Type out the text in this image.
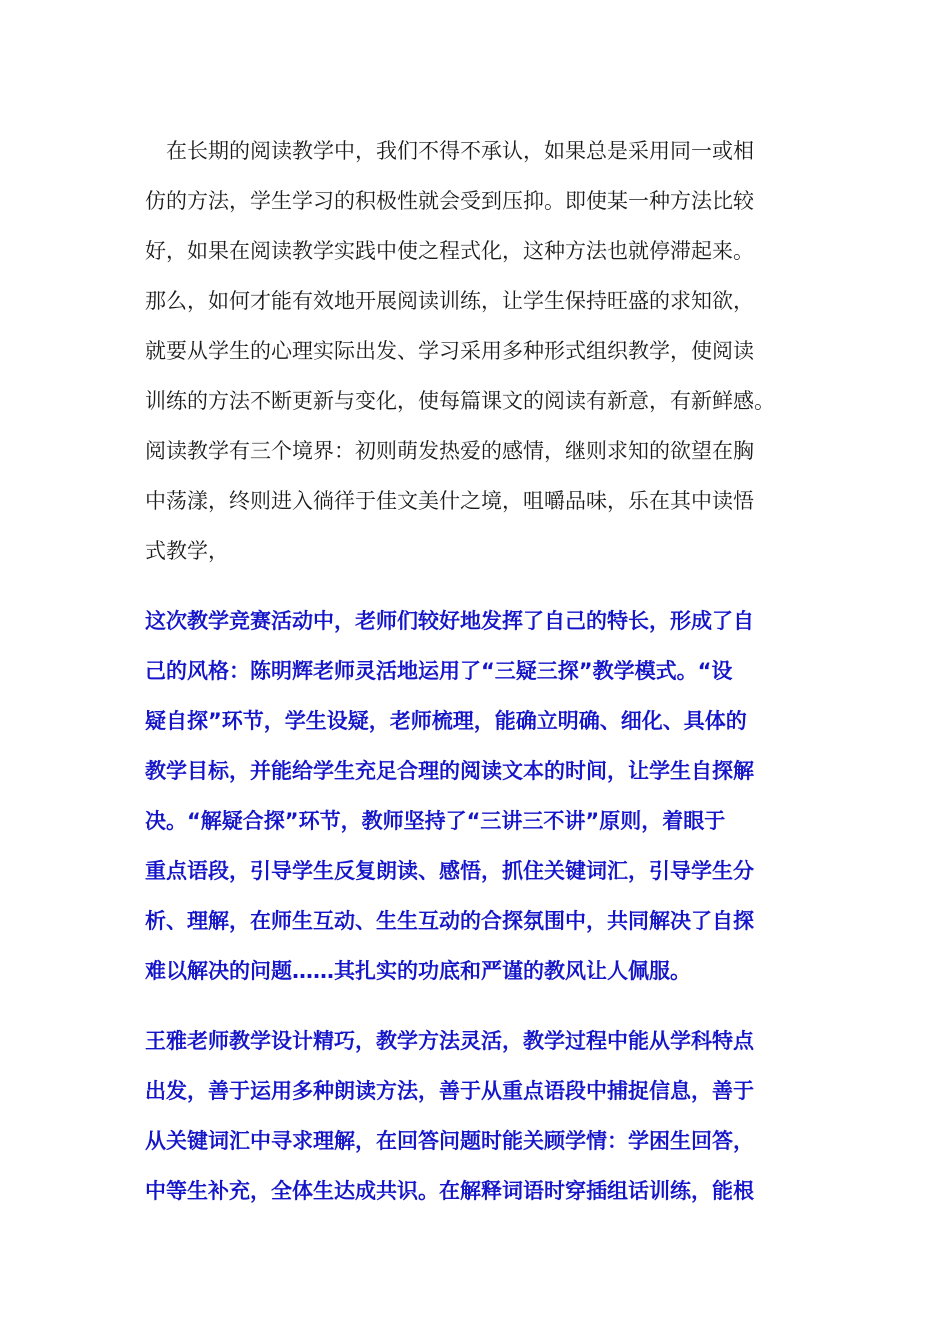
　在长期的阅读教学中，我们不得不承认，如果总是采用同一或相
仿的方法，学生学习的积极性就会受到压抑。即使某一种方法比较
好，如果在阅读教学实践中使之程式化，这种方法也就停滞起来。
那么，如何才能有效地开展阅读训练，让学生保持旺盛的求知欲，
就要从学生的心理实际出发、学习采用多种形式组织教学，使阅读
训练的方法不断更新与变化，使每篇课文的阅读有新意，有新鲜感。
阅读教学有三个境界：初则萌发热爱的感情，继则求知的欲望在胸
中荡漾，终则进入徜徉于佳文美什之境，咀嚼品味，乐在其中读悟
式教学，
这次教学竞赛活动中，老师们较好地发挥了自己的特长，形成了自
己的风格：陈明辉老师灵活地运用了“三疑三探”教学模式。“设
疑自探”环节，学生设疑，老师梳理，能确立明确、细化、具体的
教学目标，并能给学生充足合理的阅读文本的时间，让学生自探解
决。“解疑合探”环节，教师坚持了“三讲三不讲”原则，着眼于
重点语段，引导学生反复朗读、感悟，抓住关键词汇，引导学生分
析、理解，在师生互动、生生互动的合探氛围中，共同解决了自探
难以解决的问题……其扎实的功底和严谨的教风让人佩服。
王雅老师教学设计精巧，教学方法灵活，教学过程中能从学科特点
出发，善于运用多种朗读方法，善于从重点语段中捕捉信息，善于
从关键词汇中寻求理解，在回答问题时能关顾学情：学困生回答，
中等生补充，全体生达成共识。在解释词语时穿插组话训练，能根
